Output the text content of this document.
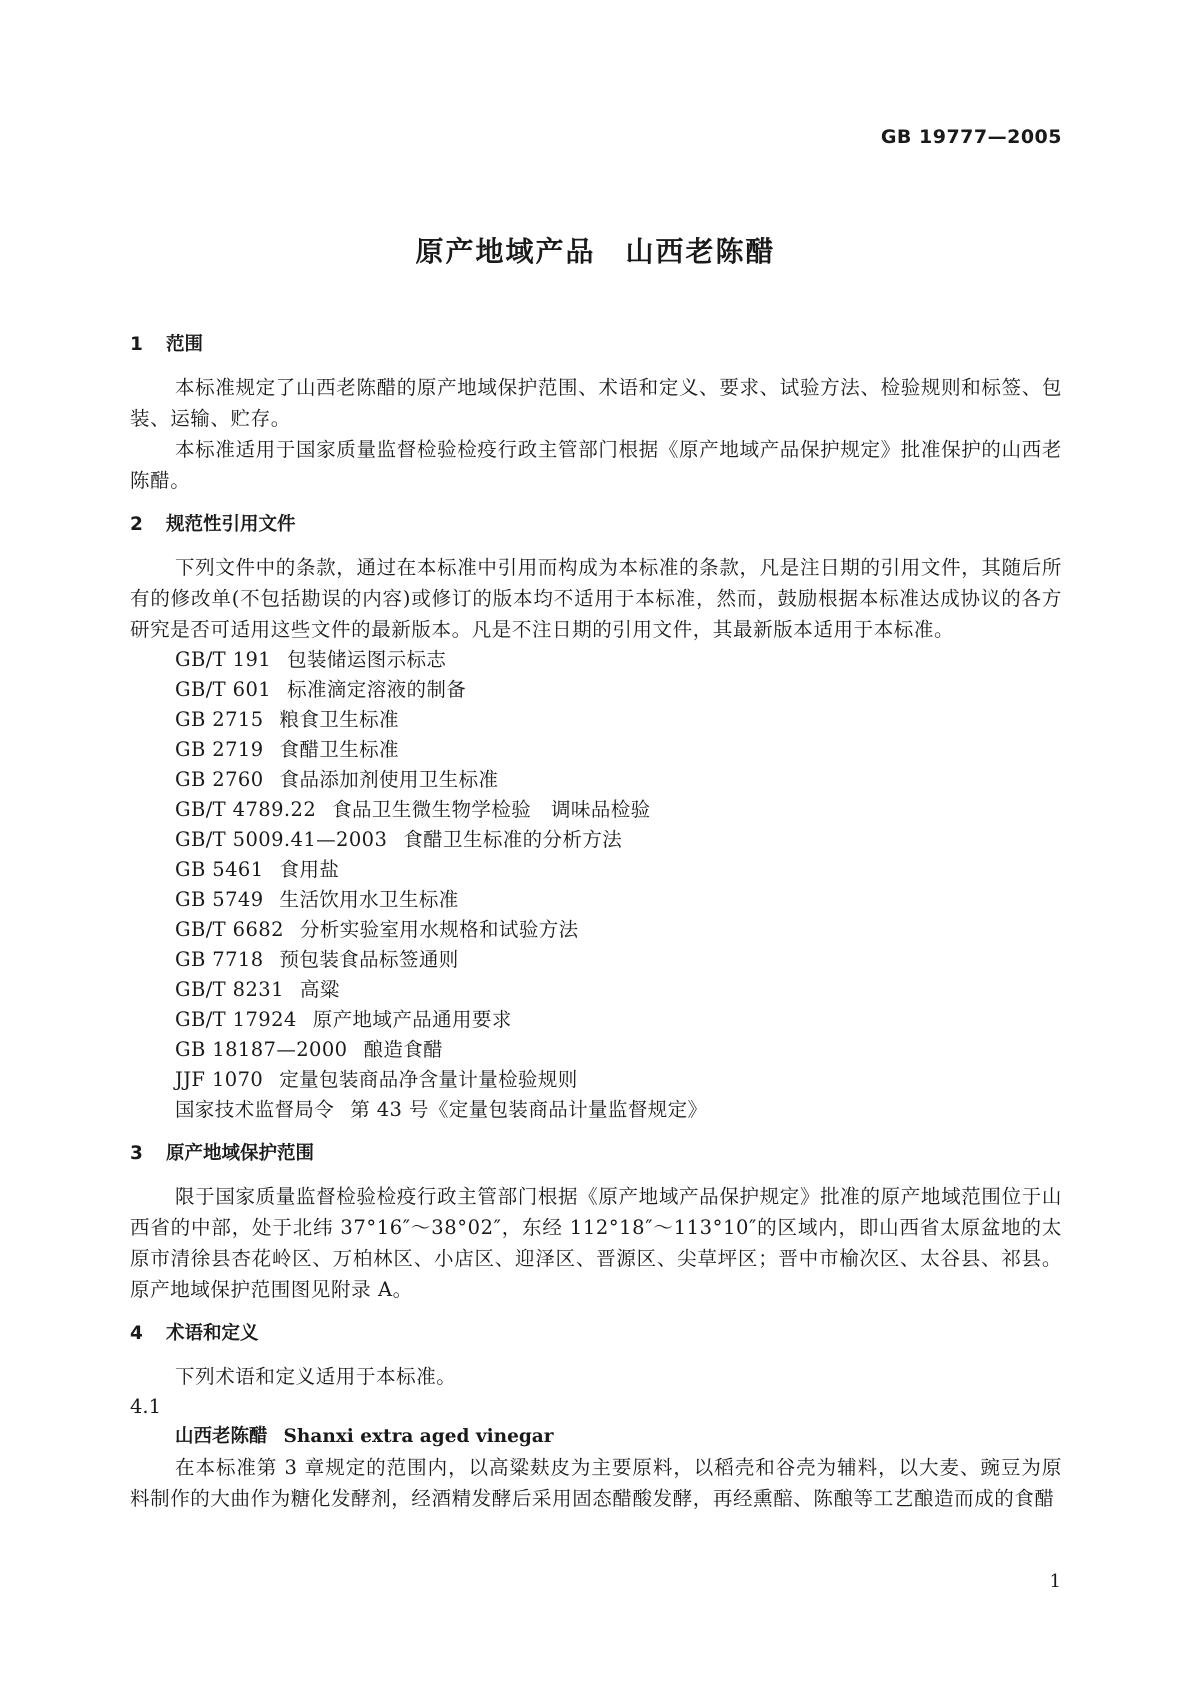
GB 19777—2005
原产地域产品　山西老陈醋
1 范围

本标准规定了山西老陈醋的原产地域保护范围、术语和定义、要求、试验方法、检验规则和标签、包装、运输、贮存。

本标准适用于国家质量监督检验检疫行政主管部门根据《原产地域产品保护规定》批准保护的山西老陈醋。

2 规范性引用文件

下列文件中的条款，通过在本标准中引用而构成为本标准的条款，凡是注日期的引用文件，其随后所有的修改单(不包括勘误的内容)或修订的版本均不适用于本标准，然而，鼓励根据本标准达成协议的各方研究是否可适用这些文件的最新版本。凡是不注日期的引用文件，其最新版本适用于本标准。

GB/T 191 包装储运图示标志
GB/T 601 标准滴定溶液的制备
GB 2715 粮食卫生标准
GB 2719 食醋卫生标准
GB 2760 食品添加剂使用卫生标准
GB/T 4789.22 食品卫生微生物学检验　调味品检验
GB/T 5009.41—2003 食醋卫生标准的分析方法
GB 5461 食用盐
GB 5749 生活饮用水卫生标准
GB/T 6682 分析实验室用水规格和试验方法
GB 7718 预包装食品标签通则
GB/T 8231 高粱
GB/T 17924 原产地域产品通用要求
GB 18187—2000 酿造食醋
JJF 1070 定量包装商品净含量计量检验规则
国家技术监督局令 第 43 号《定量包装商品计量监督规定》
3 原产地域保护范围

限于国家质量监督检验检疫行政主管部门根据《原产地域产品保护规定》批准的原产地域范围位于山西省的中部，处于北纬 37°16″～38°02″，东经 112°18″～113°10″的区域内，即山西省太原盆地的太原市清徐县杏花岭区、万柏林区、小店区、迎泽区、晋源区、尖草坪区；晋中市榆次区、太谷县、祁县。原产地域保护范围图见附录 A。

4 术语和定义

下列术语和定义适用于本标准。

4.1

山西老陈醋 Shanxi extra aged vinegar

在本标准第 3 章规定的范围内，以高粱麸皮为主要原料，以稻壳和谷壳为辅料，以大麦、豌豆为原料制作的大曲作为糖化发酵剂，经酒精发酵后采用固态醋酸发酵，再经熏醅、陈酿等工艺酿造而成的食醋

1
